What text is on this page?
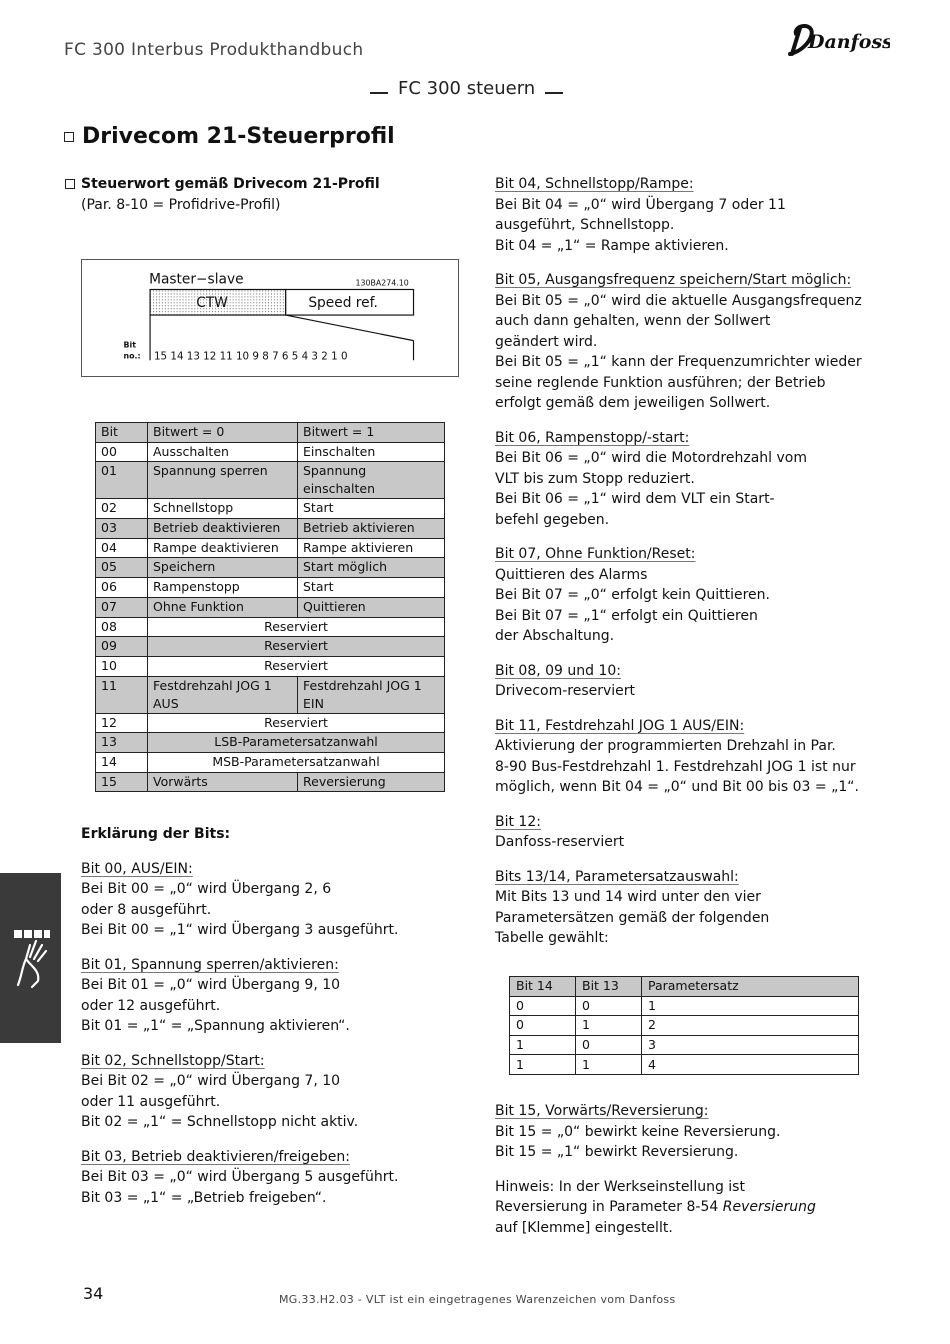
FC 300 Interbus Produkthandbuch	Danfoss
FC 300 steuern
Drivecom 21-Steuerprofil
Steuerwort gemäß Drivecom 21-Profil
(Par. 8-10 = Profidrive-Profil)
Master−slave	130BA274.10
CTW	Speed ref.
Bit
no.: 15 14 13 12 11 10 9 8 7 6 5 4 3 2 1 0
Bit	Bitwert = 0	Bitwert = 1
00	Ausschalten	Einschalten
01	Spannung sperren	Spannung einschalten
02	Schnellstopp	Start
03	Betrieb deaktivieren	Betrieb aktivieren
04	Rampe deaktivieren	Rampe aktivieren
05	Speichern	Start möglich
06	Rampenstopp	Start
07	Ohne Funktion	Quittieren
08	Reserviert	
09	Reserviert	
10	Reserviert	
11	Festdrehzahl JOG 1 AUS	Festdrehzahl JOG 1 EIN
12	Reserviert	
13	LSB-Parametersatzanwahl	
14	MSB-Parametersatzanwahl	
15	Vorwärts	Reversierung
Erklärung der Bits:
Bit 00, AUS/EIN:
Bei Bit 00 = „0“ wird Übergang 2, 6
oder 8 ausgeführt.
Bei Bit 00 = „1“ wird Übergang 3 ausgeführt.
Bit 01, Spannung sperren/aktivieren:
Bei Bit 01 = „0“ wird Übergang 9, 10
oder 12 ausgeführt.
Bit 01 = „1“ = „Spannung aktivieren“.
Bit 02, Schnellstopp/Start:
Bei Bit 02 = „0“ wird Übergang 7, 10
oder 11 ausgeführt.
Bit 02 = „1“ = Schnellstopp nicht aktiv.
Bit 03, Betrieb deaktivieren/freigeben:
Bei Bit 03 = „0“ wird Übergang 5 ausgeführt.
Bit 03 = „1“ = „Betrieb freigeben“.
Bit 04, Schnellstopp/Rampe:
Bei Bit 04 = „0“ wird Übergang 7 oder 11
ausgeführt, Schnellstopp.
Bit 04 = „1“ = Rampe aktivieren.
Bit 05, Ausgangsfrequenz speichern/Start möglich:
Bei Bit 05 = „0“ wird die aktuelle Ausgangsfrequenz
auch dann gehalten, wenn der Sollwert
geändert wird.
Bei Bit 05 = „1“ kann der Frequenzumrichter wieder
seine reglende Funktion ausführen; der Betrieb
erfolgt gemäß dem jeweiligen Sollwert.
Bit 06, Rampenstopp/-start:
Bei Bit 06 = „0“ wird die Motordrehzahl vom
VLT bis zum Stopp reduziert.
Bei Bit 06 = „1“ wird dem VLT ein Start-
befehl gegeben.
Bit 07, Ohne Funktion/Reset:
Quittieren des Alarms
Bei Bit 07 = „0“ erfolgt kein Quittieren.
Bei Bit 07 = „1“ erfolgt ein Quittieren
der Abschaltung.
Bit 08, 09 und 10:
Drivecom-reserviert
Bit 11, Festdrehzahl JOG 1 AUS/EIN:
Aktivierung der programmierten Drehzahl in Par.
8-90 Bus-Festdrehzahl 1. Festdrehzahl JOG 1 ist nur
möglich, wenn Bit 04 = „0“ und Bit 00 bis 03 = „1“.
Bit 12:
Danfoss-reserviert
Bits 13/14, Parametersatzauswahl:
Mit Bits 13 und 14 wird unter den vier
Parametersätzen gemäß der folgenden
Tabelle gewählt:
Bit 14	Bit 13	Parametersatz
0	0	1
0	1	2
1	0	3
1	1	4
Bit 15, Vorwärts/Reversierung:
Bit 15 = „0“ bewirkt keine Reversierung.
Bit 15 = „1“ bewirkt Reversierung.
Hinweis: In der Werkseinstellung ist
Reversierung in Parameter 8-54 Reversierung
auf [Klemme] eingestellt.
34	MG.33.H2.03 - VLT ist ein eingetragenes Warenzeichen vom Danfoss
